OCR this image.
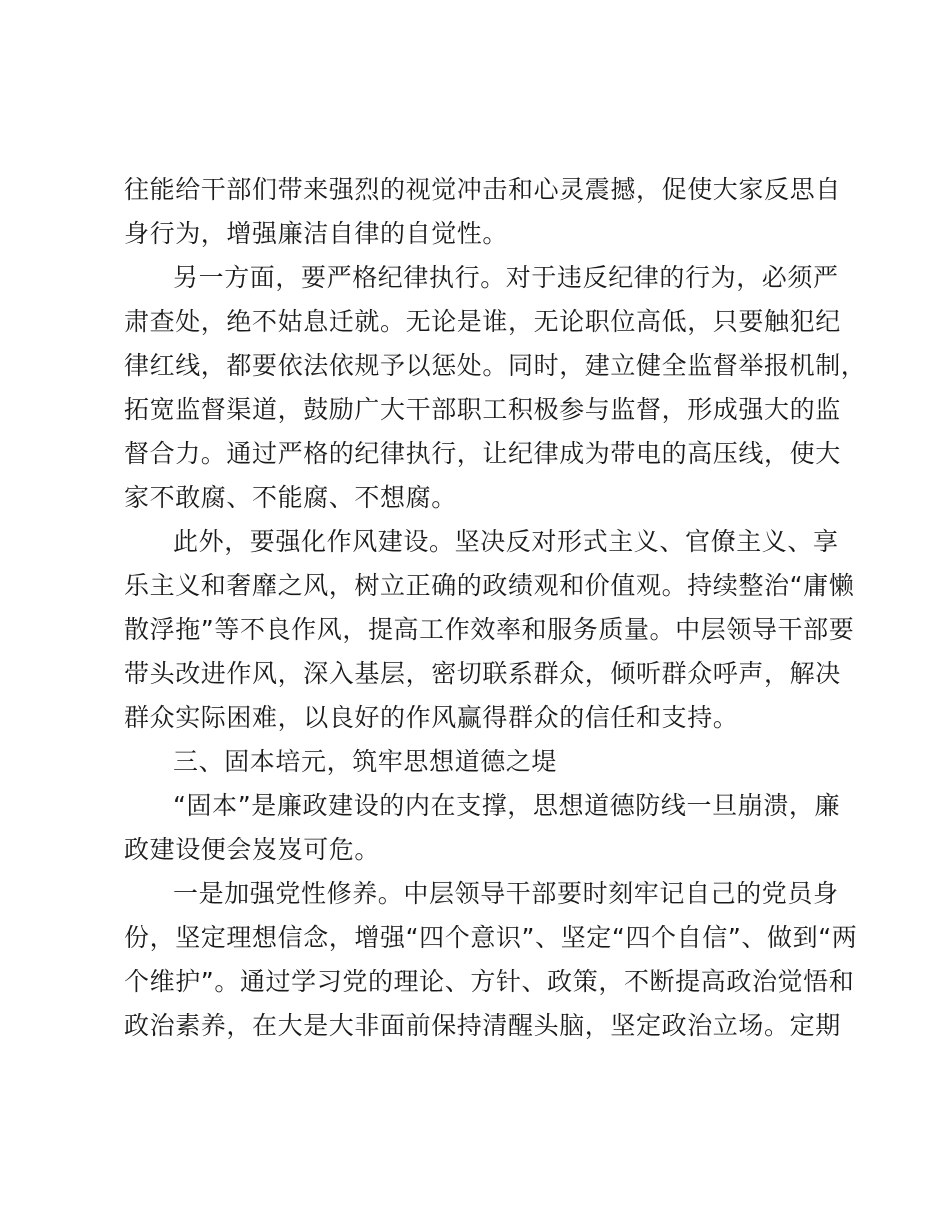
往能给干部们带来强烈的视觉冲击和心灵震撼，促使大家反思自
身行为，增强廉洁自律的自觉性。
另一方面，要严格纪律执行。对于违反纪律的行为，必须严
肃查处，绝不姑息迁就。无论是谁，无论职位高低，只要触犯纪
律红线，都要依法依规予以惩处。同时，建立健全监督举报机制，
拓宽监督渠道，鼓励广大干部职工积极参与监督，形成强大的监
督合力。通过严格的纪律执行，让纪律成为带电的高压线，使大
家不敢腐、不能腐、不想腐。
此外，要强化作风建设。坚决反对形式主义、官僚主义、享
乐主义和奢靡之风，树立正确的政绩观和价值观。持续整治“庸懒
散浮拖”等不良作风，提高工作效率和服务质量。中层领导干部要
带头改进作风，深入基层，密切联系群众，倾听群众呼声，解决
群众实际困难，以良好的作风赢得群众的信任和支持。
三、固本培元，筑牢思想道德之堤
“固本”是廉政建设的内在支撑，思想道德防线一旦崩溃，廉
政建设便会岌岌可危。
一是加强党性修养。中层领导干部要时刻牢记自己的党员身
份，坚定理想信念，增强“四个意识”、坚定“四个自信”、做到“两
个维护”。通过学习党的理论、方针、政策，不断提高政治觉悟和
政治素养，在大是大非面前保持清醒头脑，坚定政治立场。定期
